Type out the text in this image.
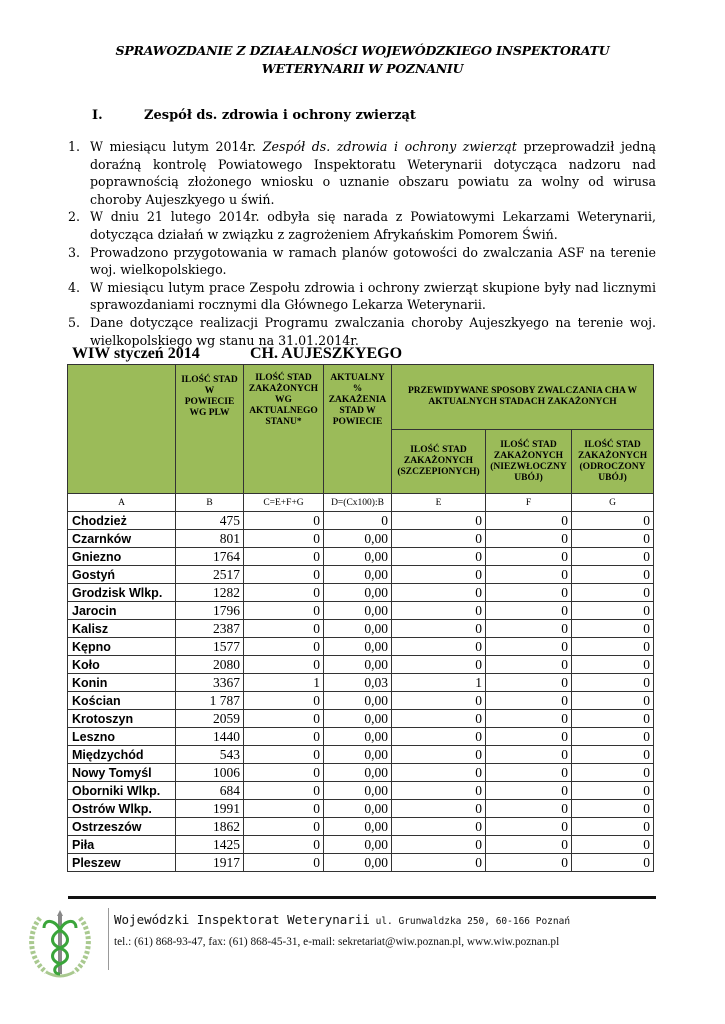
SPRAWOZDANIE Z DZIAŁALNOŚCI WOJEWÓDZKIEGO INSPEKTORATU
WETERYNARII W POZNANIU
I.	Zespół ds. zdrowia i ochrony zwierząt
1. W miesiącu lutym 2014r. Zespół ds. zdrowia i ochrony zwierząt przeprowadził jedną doraźną kontrolę Powiatowego Inspektoratu Weterynarii dotycząca nadzoru nad poprawnością złożonego wniosku o uznanie obszaru powiatu za wolny od wirusa choroby Aujeszkyego u świń.
2. W dniu 21 lutego 2014r. odbyła się narada z Powiatowymi Lekarzami Weterynarii, dotycząca działań w związku z zagrożeniem Afrykańskim Pomorem Świń.
3. Prowadzono przygotowania w ramach planów gotowości do zwalczania ASF na terenie woj. wielkopolskiego.
4. W miesiącu lutym prace Zespołu zdrowia i ochrony zwierząt skupione były nad licznymi sprawozdaniami rocznymi dla Głównego Lekarza Weterynarii.
5. Dane dotyczące realizacji Programu zwalczania choroby Aujeszkyego na terenie woj. wielkopolskiego wg stanu na 31.01.2014r.
WIW styczeń 2014	CH. AUJESZKYEGO
	ILOŚĆ STAD W POWIECIE WG PLW	ILOŚĆ STAD ZAKAŻONYCH WG AKTUALNEGO STANU*	AKTUALNY % ZAKAŻENIA STAD W POWIECIE	PRZEWIDYWANE SPOSOBY ZWALCZANIA CHA W AKTUALNYCH STADACH ZAKAŻONYCH		
				ILOŚĆ STAD ZAKAŻONYCH (SZCZEPIONYCH)	ILOŚĆ STAD ZAKAŻONYCH (NIEZWŁOCZNY UBÓJ)	ILOŚĆ STAD ZAKAŻONYCH (ODROCZONY UBÓJ)
A	B	C=E+F+G	D=(Cx100):B	E	F	G
Chodzież	475	0	0	0	0	0
Czarnków	801	0	0,00	0	0	0
Gniezno	1764	0	0,00	0	0	0
Gostyń	2517	0	0,00	0	0	0
Grodzisk Wlkp.	1282	0	0,00	0	0	0
Jarocin	1796	0	0,00	0	0	0
Kalisz	2387	0	0,00	0	0	0
Kępno	1577	0	0,00	0	0	0
Koło	2080	0	0,00	0	0	0
Konin	3367	1	0,03	1	0	0
Kościan	1 787	0	0,00	0	0	0
Krotoszyn	2059	0	0,00	0	0	0
Leszno	1440	0	0,00	0	0	0
Międzychód	543	0	0,00	0	0	0
Nowy Tomyśl	1006	0	0,00	0	0	0
Oborniki Wlkp.	684	0	0,00	0	0	0
Ostrów Wlkp.	1991	0	0,00	0	0	0
Ostrzeszów	1862	0	0,00	0	0	0
Piła	1425	0	0,00	0	0	0
Pleszew	1917	0	0,00	0	0	0
Wojewódzki Inspektorat Weterynarii ul. Grunwaldzka 250, 60-166 Poznań
tel.: (61) 868-93-47, fax: (61) 868-45-31, e-mail: sekretariat@wiw.poznan.pl, www.wiw.poznan.pl
